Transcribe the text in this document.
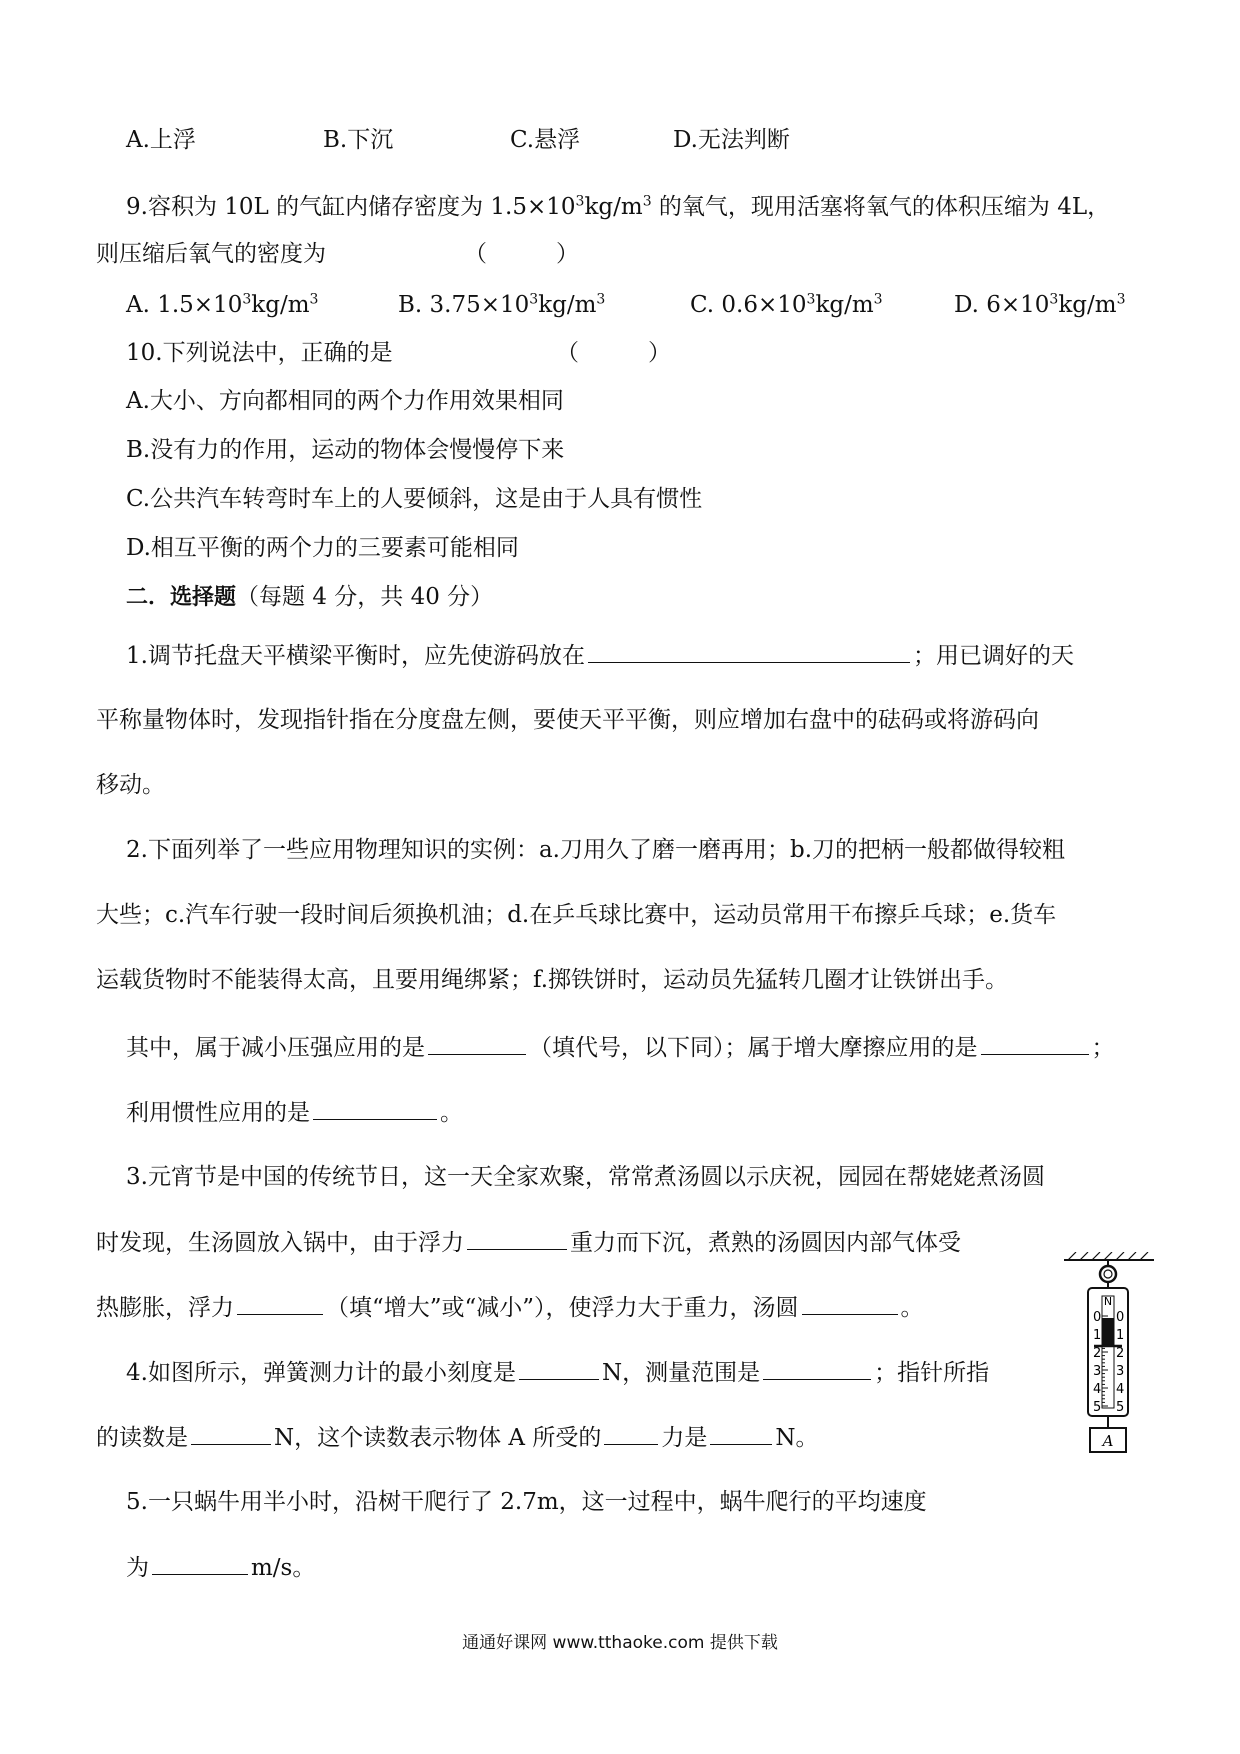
A.上浮	B.下沉	C.悬浮	D.无法判断
9.容积为 10L 的气缸内储存密度为 $1.5\times 10^3kg/m^3$ 的氧气，现用活塞将氧气的体积压缩为 4L，
则压缩后氧气的密度为	（　　　）
A. $1.5\times 10^3kg/m^3$	B. $3.75\times 10^3kg/m^3$	C. $0.6\times 10^3kg/m^3$	D. $6\times 10^3kg/m^3$
10.下列说法中，正确的是	（　　　）
A.大小、方向都相同的两个力作用效果相同
B.没有力的作用，运动的物体会慢慢停下来
C.公共汽车转弯时车上的人要倾斜，这是由于人具有惯性
D.相互平衡的两个力的三要素可能相同
二．选择题（每题 4 分，共 40 分）
1.调节托盘天平横梁平衡时，应先使游码放在	；用已调好的天
平称量物体时，发现指针指在分度盘左侧，要使天平平衡，则应增加右盘中的砝码或将游码向
移动。
2.下面列举了一些应用物理知识的实例：a.刀用久了磨一磨再用；b.刀的把柄一般都做得较粗
大些；c.汽车行驶一段时间后须换机油；d.在乒乓球比赛中，运动员常用干布擦乒乓球；e.货车
运载货物时不能装得太高，且要用绳绑紧；f.掷铁饼时，运动员先猛转几圈才让铁饼出手。
其中，属于减小压强应用的是	（填代号，以下同）；属于增大摩擦应用的是	；
利用惯性应用的是	。
3.元宵节是中国的传统节日，这一天全家欢聚，常常煮汤圆以示庆祝，园园在帮姥姥煮汤圆
时发现，生汤圆放入锅中，由于浮力	重力而下沉，煮熟的汤圆因内部气体受
热膨胀，浮力	（填“增大”或“减小”），使浮力大于重力，汤圆	。
4.如图所示，弹簧测力计的最小刻度是	N，测量范围是	；指针所指
的读数是	N，这个读数表示物体 A 所受的	力是	N。
5.一只蜗牛用半小时，沿树干爬行了 2.7m，这一过程中，蜗牛爬行的平均速度
为	m/s。
N
0
1
2
3
4
5
0
1
2
3
4
5
A
通通好课网 www.tthaoke.com 提供下载
